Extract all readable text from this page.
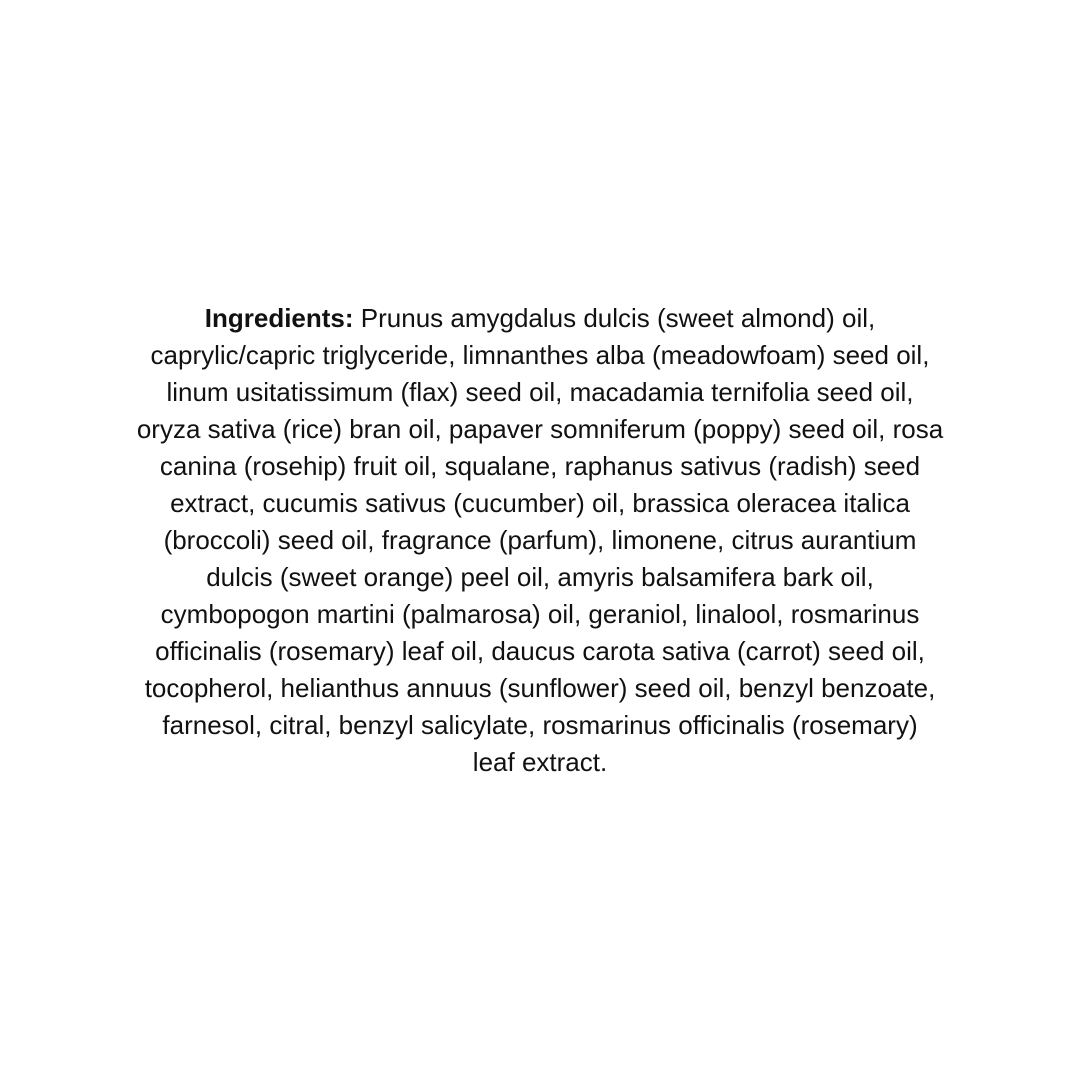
Ingredients: Prunus amygdalus dulcis (sweet almond) oil,
caprylic/capric triglyceride, limnanthes alba (meadowfoam) seed oil,
linum usitatissimum (flax) seed oil, macadamia ternifolia seed oil,
oryza sativa (rice) bran oil, papaver somniferum (poppy) seed oil, rosa
canina (rosehip) fruit oil, squalane, raphanus sativus (radish) seed
extract, cucumis sativus (cucumber) oil, brassica oleracea italica
(broccoli) seed oil, fragrance (parfum), limonene, citrus aurantium
dulcis (sweet orange) peel oil, amyris balsamifera bark oil,
cymbopogon martini (palmarosa) oil, geraniol, linalool, rosmarinus
officinalis (rosemary) leaf oil, daucus carota sativa (carrot) seed oil,
tocopherol, helianthus annuus (sunflower) seed oil, benzyl benzoate,
farnesol, citral, benzyl salicylate, rosmarinus officinalis (rosemary)
leaf extract.
